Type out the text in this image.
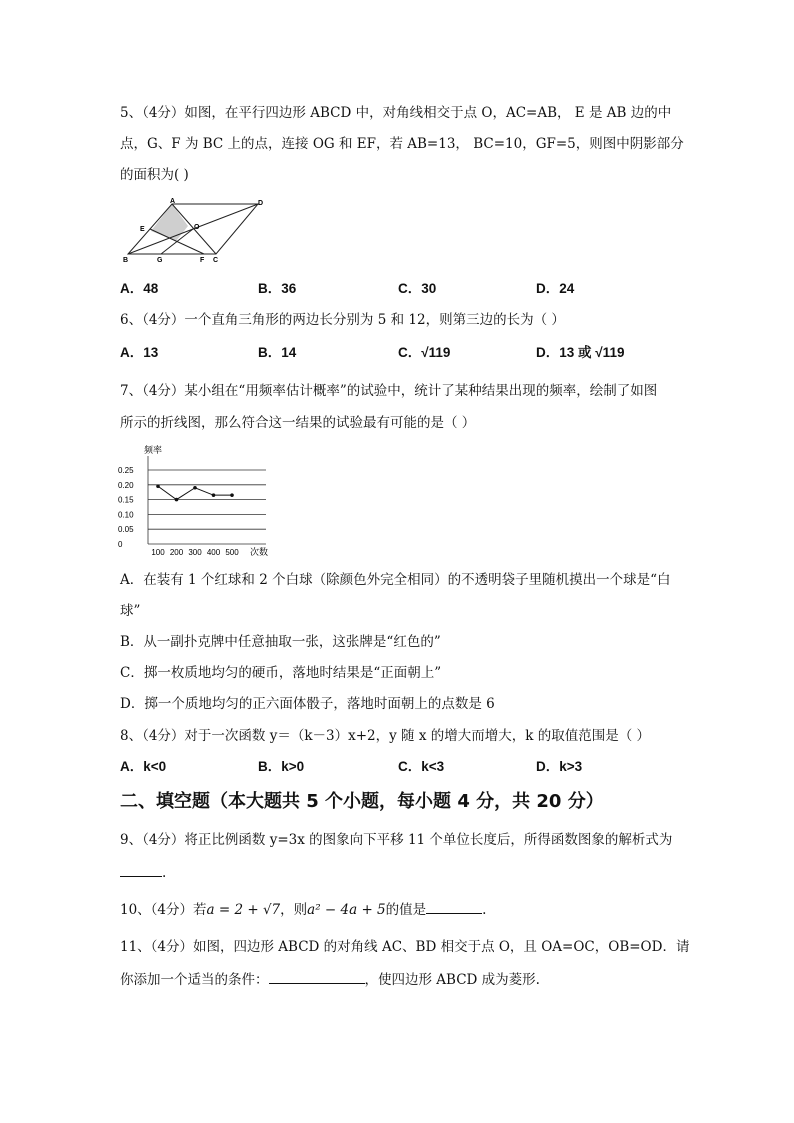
5、（4分）如图，在平行四边形 ABCD 中，对角线相交于点 O，AC=AB， E 是 AB 边的中
点，G、F 为 BC 上的点，连接 OG 和 EF，若 AB=13， BC=10，GF=5，则图中阴影部分
的面积为( )
A	D
E	O
B	G	F C
A．48	B．36	C．30	D．24
6、（4分）一个直角三角形的两边长分别为 5 和 12，则第三边的长为（ ）
A．13	B．14	C．√119	D．13 或 √119
7、（4分）某小组在“用频率估计概率”的试验中，统计了某种结果出现的频率，绘制了如图
所示的折线图，那么符合这一结果的试验最有可能的是（ ）
频率
次数
0.25
0.20
0.15
0.10
0.05
0
100 200 300 400 500
A．在装有 1 个红球和 2 个白球（除颜色外完全相同）的不透明袋子里随机摸出一个球是“白
球”
B．从一副扑克牌中任意抽取一张，这张牌是“红色的”
C．掷一枚质地均匀的硬币，落地时结果是“正面朝上”
D．掷一个质地均匀的正六面体骰子，落地时面朝上的点数是 6
8、（4分）对于一次函数 y＝（k－3）x+2，y 随 x 的增大而增大，k 的取值范围是（ ）
A．k<0	B．k>0	C．k<3	D．k>3
二、填空题（本大题共 5 个小题，每小题 4 分，共 20 分）
9、（4分）将正比例函数 y=3x 的图象向下平移 11 个单位长度后，所得函数图象的解析式为
.
10、（4分）若a = 2 + √7，则a² − 4a + 5的值是	.
11、（4分）如图，四边形 ABCD 的对角线 AC、BD 相交于点 O，且 OA=OC，OB=OD．请
你添加一个适当的条件：	，使四边形 ABCD 成为菱形.
